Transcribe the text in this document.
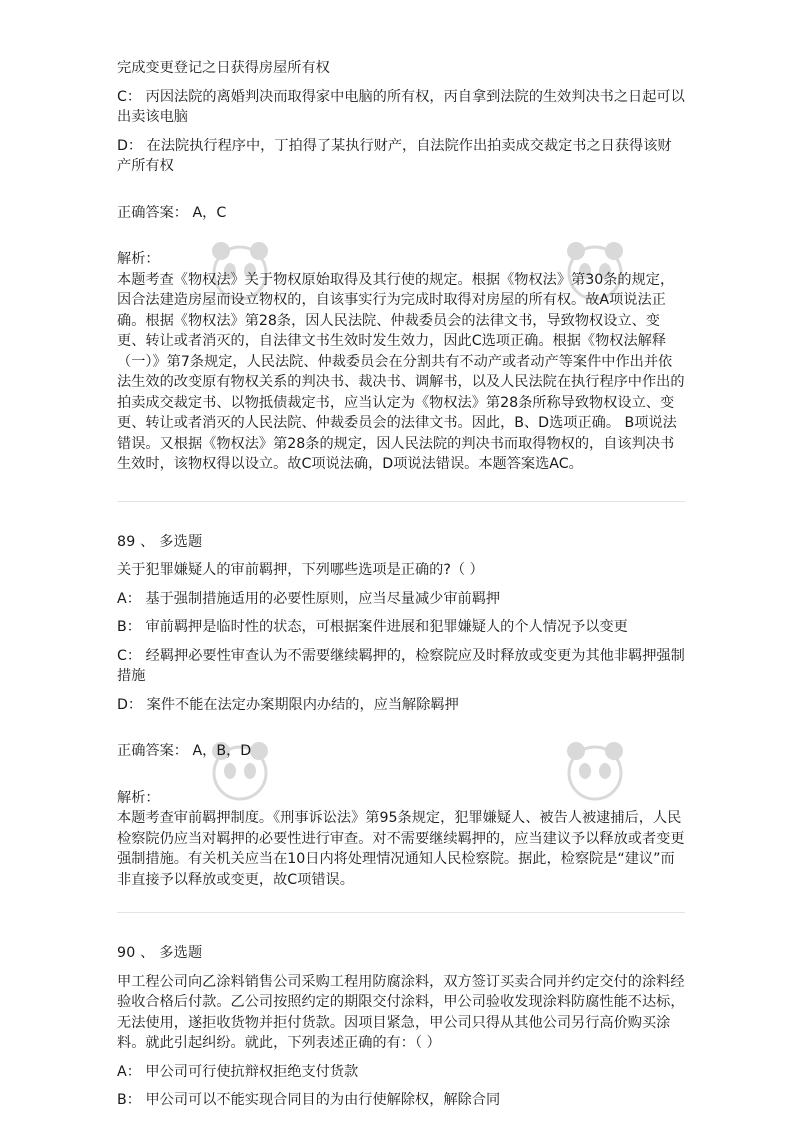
完成变更登记之日获得房屋所有权

C： 丙因法院的离婚判决而取得家中电脑的所有权，丙自拿到法院的生效判决书之日起可以出卖该电脑

D： 在法院执行程序中，丁拍得了某执行财产，自法院作出拍卖成交裁定书之日获得该财产所有权

正确答案： A，C

解析：

本题考查《物权法》关于物权原始取得及其行使的规定。根据《物权法》第30条的规定，因合法建造房屋而设立物权的，自该事实行为完成时取得对房屋的所有权。故A项说法正确。根据《物权法》第28条，因人民法院、仲裁委员会的法律文书，导致物权设立、变更、转让或者消灭的，自法律文书生效时发生效力，因此C选项正确。根据《物权法解释（一）》第7条规定，人民法院、仲裁委员会在分割共有不动产或者动产等案件中作出并依法生效的改变原有物权关系的判决书、裁决书、调解书，以及人民法院在执行程序中作出的拍卖成交裁定书、以物抵债裁定书，应当认定为《物权法》第28条所称导致物权设立、变更、转让或者消灭的人民法院、仲裁委员会的法律文书。因此，B、D选项正确。 B项说法错误。又根据《物权法》第28条的规定，因人民法院的判决书而取得物权的，自该判决书生效时，该物权得以设立。故C项说法确，D项说法错误。本题答案选AC。

89 、 多选题

关于犯罪嫌疑人的审前羁押，下列哪些选项是正确的?（ ）

A： 基于强制措施适用的必要性原则，应当尽量减少审前羁押

B： 审前羁押是临时性的状态，可根据案件进展和犯罪嫌疑人的个人情况予以变更

C： 经羁押必要性审查认为不需要继续羁押的，检察院应及时释放或变更为其他非羁押强制措施

D： 案件不能在法定办案期限内办结的，应当解除羁押

正确答案： A，B，D

解析：

本题考查审前羁押制度。《刑事诉讼法》第95条规定，犯罪嫌疑人、被告人被逮捕后，人民检察院仍应当对羁押的必要性进行审查。对不需要继续羁押的，应当建议予以释放或者变更强制措施。有关机关应当在10日内将处理情况通知人民检察院。据此，检察院是“建议”而非直接予以释放或变更，故C项错误。

90 、 多选题

甲工程公司向乙涂料销售公司采购工程用防腐涂料，双方签订买卖合同并约定交付的涂料经验收合格后付款。乙公司按照约定的期限交付涂料，甲公司验收发现涂料防腐性能不达标，无法使用，遂拒收货物并拒付货款。因项目紧急，甲公司只得从其他公司另行高价购买涂料。就此引起纠纷。就此，下列表述正确的有：（ ）

A： 甲公司可行使抗辩权拒绝支付货款

B： 甲公司可以不能实现合同目的为由行使解除权，解除合同
